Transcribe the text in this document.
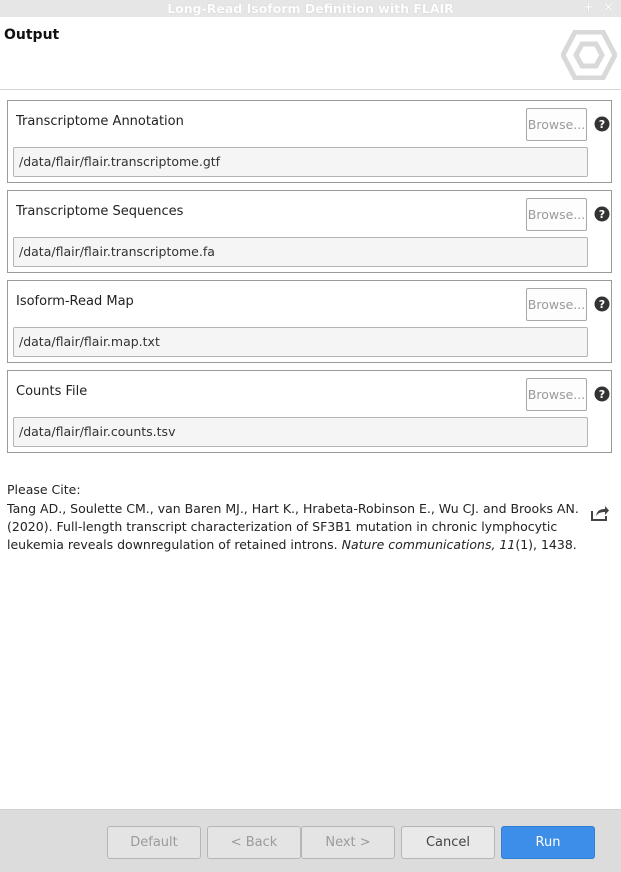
Long-Read Isoform Definition with FLAIR	+ ×
Output
Transcriptome Annotation	Browse... ?
/data/flair/flair.transcriptome.gtf
Transcriptome Sequences	Browse... ?
/data/flair/flair.transcriptome.fa
Isoform-Read Map	Browse... ?
/data/flair/flair.map.txt
Counts File	Browse... ?
/data/flair/flair.counts.tsv
Please Cite:
Tang AD., Soulette CM., van Baren MJ., Hart K., Hrabeta-Robinson E., Wu CJ. and Brooks AN. (2020). Full-length transcript characterization of SF3B1 mutation in chronic lymphocytic leukemia reveals downregulation of retained introns. Nature communications, 11(1), 1438.
Default	< Back	Next >	Cancel	Run
